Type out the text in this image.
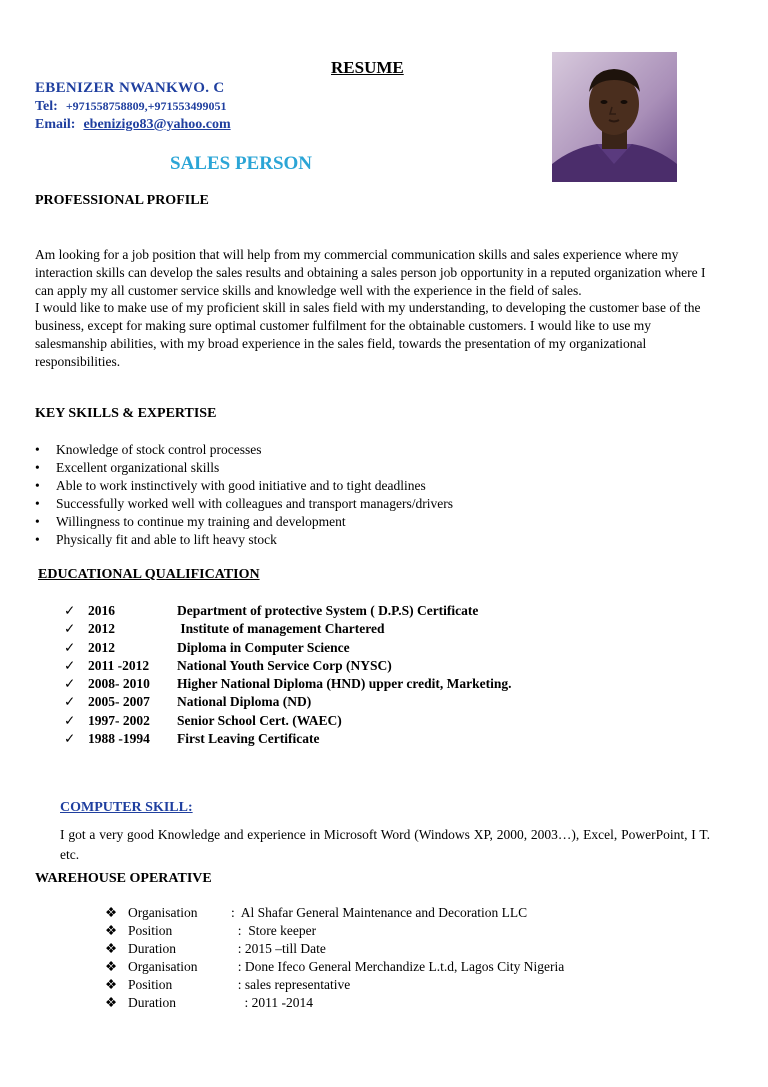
RESUME
EBENIZER NWANKWO. C
Tel: +971558758809,+971553499051
Email: ebenizigo83@yahoo.com
SALES PERSON
PROFESSIONAL PROFILE

Am looking for a job position that will help from my commercial communication skills and sales experience where my interaction skills can develop the sales results and obtaining a sales person job opportunity in a reputed organization where I can apply my all customer service skills and knowledge well with the experience in the field of sales.

I would like to make use of my proficient skill in sales field with my understanding, to developing the customer base of the business, except for making sure optimal customer fulfilment for the obtainable customers. I would like to use my salesmanship abilities, with my broad experience in the sales field, towards the presentation of my organizational responsibilities.

KEY SKILLS & EXPERTISE
• Knowledge of stock control processes
• Excellent organizational skills
• Able to work instinctively with good initiative and to tight deadlines
• Successfully worked well with colleagues and transport managers/drivers
• Willingness to continue my training and development
• Physically fit and able to lift heavy stock
EDUCATIONAL QUALIFICATION
✓ 2016	Department of protective System ( D.P.S) Certificate
✓ 2012	Institute of management Chartered
✓ 2012	Diploma in Computer Science
✓ 2011 -2012 National Youth Service Corp (NYSC)
✓ 2008- 2010 Higher National Diploma (HND) upper credit, Marketing.
✓ 2005- 2007 National Diploma (ND)
✓ 1997- 2002 Senior School Cert. (WAEC)
✓ 1988 -1994 First Leaving Certificate
COMPUTER SKILL:
I got a very good Knowledge and experience in Microsoft Word (Windows XP, 2000, 2003…), Excel, PowerPoint, I T. etc.
WAREHOUSE OPERATIVE
❖ Organisation :  Al Shafar General Maintenance and Decoration LLC
❖ Position	:  Store keeper
❖ Duration	: 2015 –till Date
❖ Organisation  : Done Ifeco General Merchandize L.t.d, Lagos City Nigeria
❖ Position	: sales representative
❖ Duration	: 2011 -2014
